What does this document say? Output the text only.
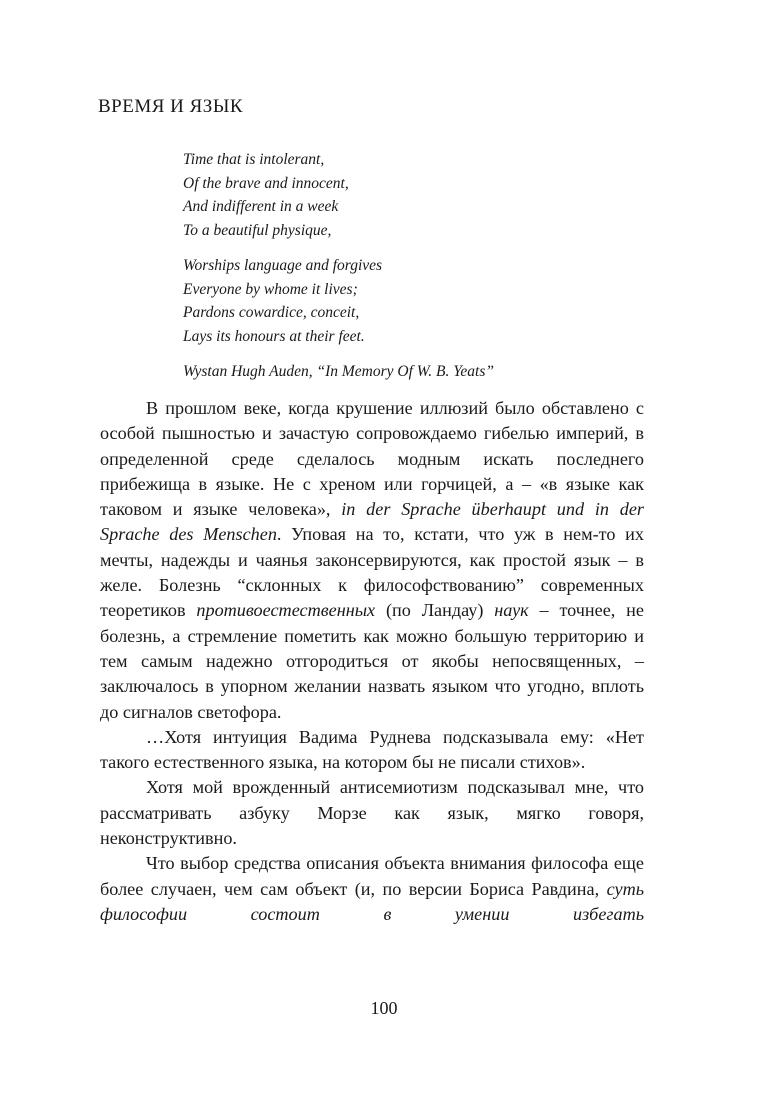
ВРЕМЯ И ЯЗЫК
Time that is intolerant,
Of the brave and innocent,
And indifferent in a week
To a beautiful physique,
Worships language and forgives
Everyone by whome it lives;
Pardons cowardice, conceit,
Lays its honours at their feet.
Wystan Hugh Auden, “In Memory Of W. B. Yeats”

В прошлом веке, когда крушение иллюзий было обставлено с особой пышностью и зачастую сопровождаемо гибелью империй, в определенной среде сделалось модным искать последнего прибежища в языке. Не с хреном или горчицей, а – «в языке как таковом и языке человека», in der Sprache überhaupt und in der Sprache des Menschen. Уповая на то, кстати, что уж в нем-то их мечты, надежды и чаянья законсервируются, как простой язык – в желе. Болезнь “склонных к философствованию” современных теоретиков противоестественных (по Ландау) наук – точнее, не болезнь, а стремление пометить как можно большую территорию и тем самым надежно отгородиться от якобы непосвященных, – заключалось в упорном желании назвать языком что угодно, вплоть до сигналов светофора.

…Хотя интуиция Вадима Руднева подсказывала ему: «Нет такого естественного языка, на котором бы не писали стихов».

Хотя мой врожденный антисемиотизм подсказывал мне, что рассматривать азбуку Морзе как язык, мягко говоря, неконструктивно.

Что выбор средства описания объекта внимания философа еще более случаен, чем сам объект (и, по версии Бориса Равдина, суть философии состоит в умении избегать

100
